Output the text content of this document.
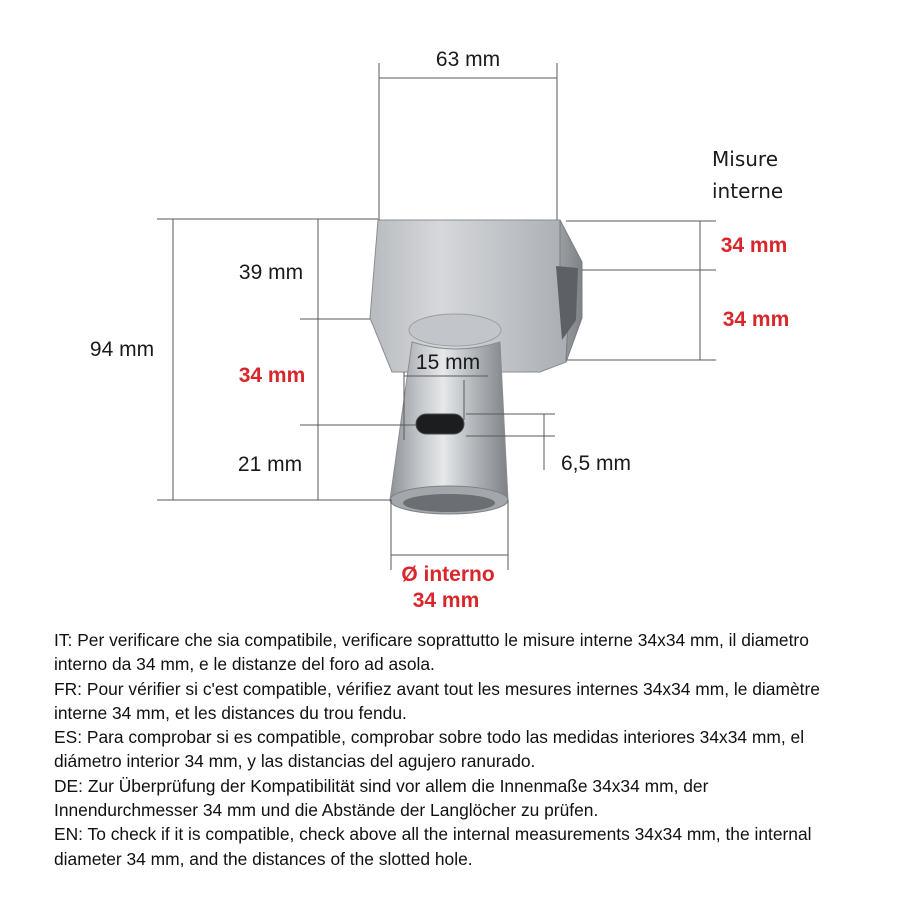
63 mm
94 mm
39 mm
34 mm
21 mm
15 mm
6,5 mm
Misure
interne
34 mm
34 mm
Ø interno
34 mm

IT: Per verificare che sia compatibile, verificare soprattutto le misure interne 34x34 mm, il diametro interno da 34 mm, e le distanze del foro ad asola.

FR: Pour vérifier si c'est compatible, vérifiez avant tout les mesures internes 34x34 mm, le diamètre interne 34 mm, et les distances du trou fendu.

ES: Para comprobar si es compatible, comprobar sobre todo las medidas interiores 34x34 mm, el diámetro interior 34 mm, y las distancias del agujero ranurado.

DE: Zur Überprüfung der Kompatibilität sind vor allem die Innenmaße 34x34 mm, der Innendurchmesser 34 mm und die Abstände der Langlöcher zu prüfen.

EN: To check if it is compatible, check above all the internal measurements 34x34 mm, the internal diameter 34 mm, and the distances of the slotted hole.
